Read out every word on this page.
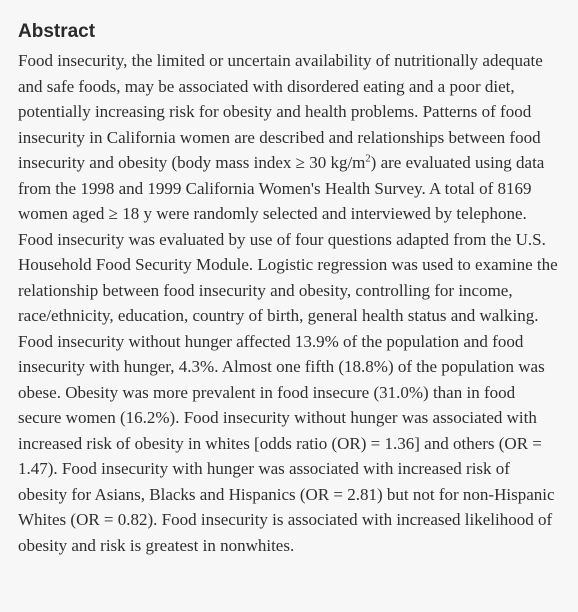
Abstract

Food insecurity, the limited or uncertain availability of nutritionally adequate and safe foods, may be associated with disordered eating and a poor diet, potentially increasing risk for obesity and health problems. Patterns of food insecurity in California women are described and relationships between food insecurity and obesity (body mass index ≥ 30 $kg/m^2$) are evaluated using data from the 1998 and 1999 California Women's Health Survey. A total of 8169 women aged ≥ 18 y were randomly selected and interviewed by telephone. Food insecurity was evaluated by use of four questions adapted from the U.S. Household Food Security Module. Logistic regression was used to examine the relationship between food insecurity and obesity, controlling for income, race/ethnicity, education, country of birth, general health status and walking. Food insecurity without hunger affected 13.9% of the population and food insecurity with hunger, 4.3%. Almost one fifth (18.8%) of the population was obese. Obesity was more prevalent in food insecure (31.0%) than in food secure women (16.2%). Food insecurity without hunger was associated with increased risk of obesity in whites [odds ratio (OR) = 1.36] and others (OR = 1.47). Food insecurity with hunger was associated with increased risk of obesity for Asians, Blacks and Hispanics (OR = 2.81) but not for non-Hispanic Whites (OR = 0.82). Food insecurity is associated with increased likelihood of obesity and risk is greatest in nonwhites.
